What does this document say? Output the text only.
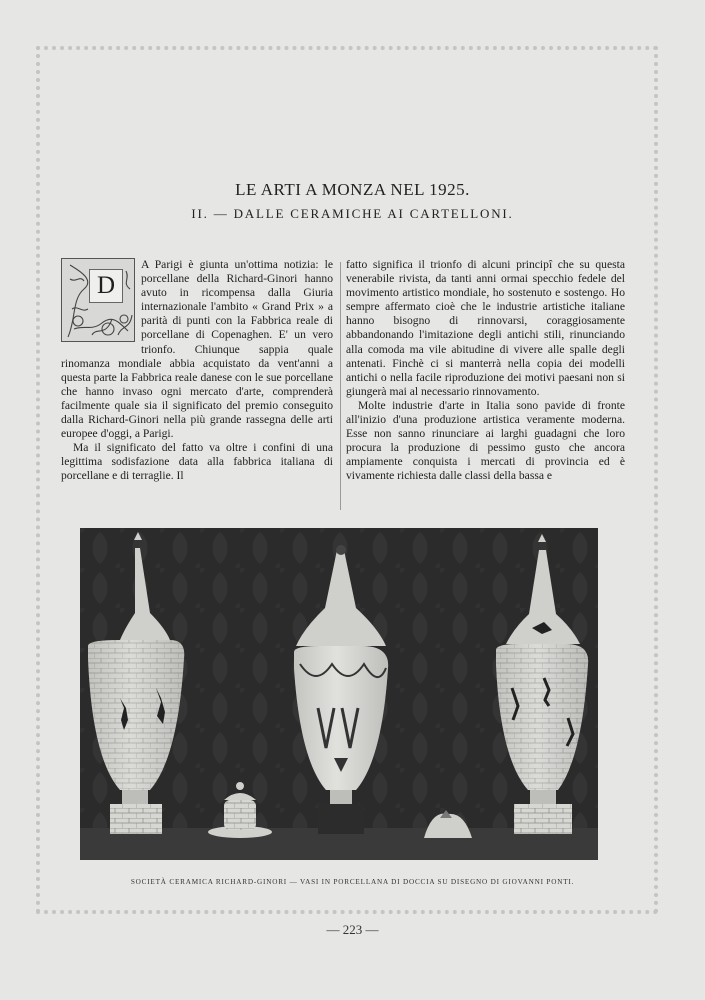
LE ARTI A MONZA NEL 1925.
II. — DALLE CERAMICHE AI CARTELLONI.
D

A Parigi è giunta un'ottima notizia: le porcellane della Richard-Ginori hanno avuto in ricompensa dalla Giuria internazionale l'ambito « Grand Prix » a parità di punti con la Fabbrica reale di porcellane di Copenaghen. E' un vero trionfo. Chiunque sappia quale rinomanza mondiale abbia acquistato da vent'anni a questa parte la Fabbrica reale danese con le sue porcellane che hanno invaso ogni mercato d'arte, comprenderà facilmente quale sia il significato del premio conseguito dalla Richard-Ginori nella più grande rassegna delle arti europee d'oggi, a Parigi.

Ma il significato del fatto va oltre i confini di una legittima sodisfazione data alla fabbrica italiana di porcellane e di terraglie. Il

fatto significa il trionfo di alcuni principî che su questa venerabile rivista, da tanti anni ormai specchio fedele del movimento artistico mondiale, ho sostenuto e sostengo. Ho sempre affermato cioè che le industrie artistiche italiane hanno bisogno di rinnovarsi, coraggiosamente abbandonando l'imitazione degli antichi stili, rinunciando alla comoda ma vile abitudine di vivere alle spalle degli antenati. Finchè ci si manterrà nella copia dei modelli antichi o nella facile riproduzione dei motivi paesani non si giungerà mai al necessario rinnovamento.

Molte industrie d'arte in Italia sono pavide di fronte all'inizio d'una produzione artistica veramente moderna. Esse non sanno rinunciare ai larghi guadagni che loro procura la produzione di pessimo gusto che ancora ampiamente conquista i mercati di provincia ed è vivamente richiesta dalle classi della bassa e

SOCIETÀ CERAMICA RICHARD-GINORI — VASI IN PORCELLANA DI DOCCIA SU DISEGNO DI GIOVANNI PONTI.
— 223 —
